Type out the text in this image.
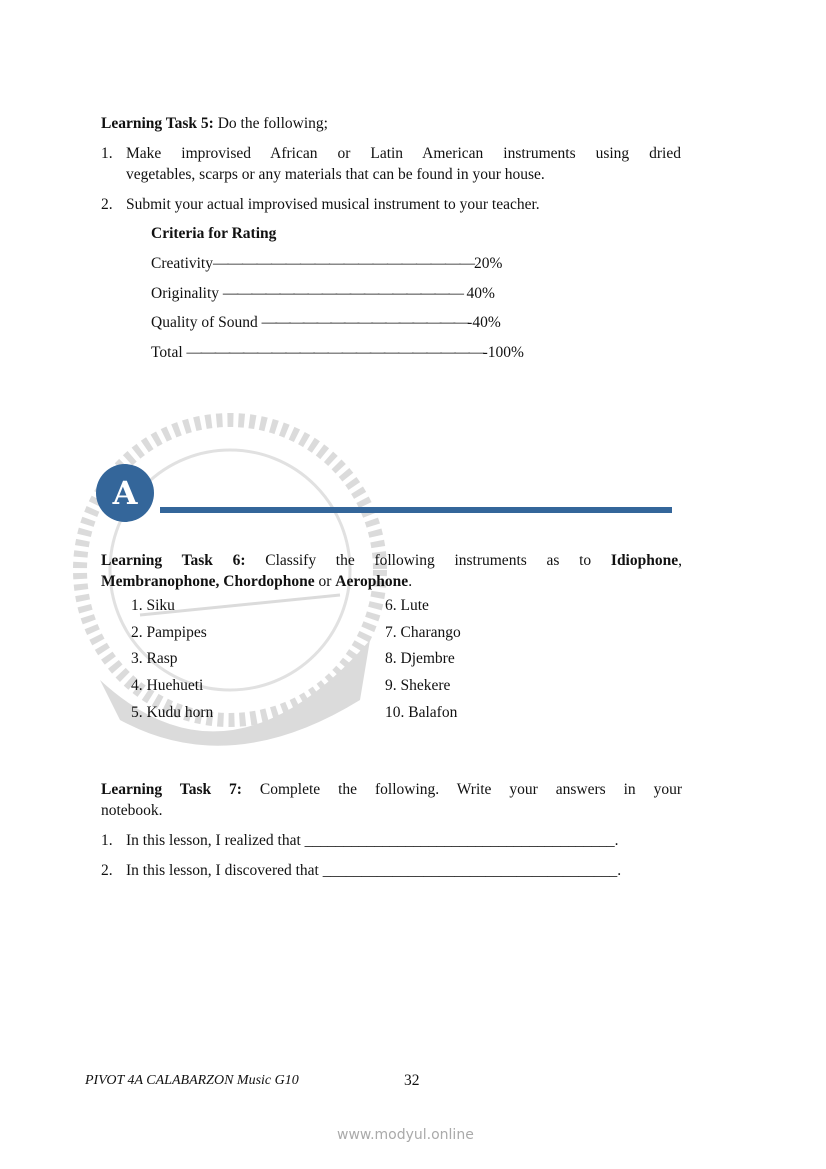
Learning Task 5: Do the following;
1. Make improvised African or Latin American instruments using dried
vegetables, scarps or any materials that can be found in your house.
2. Submit your actual improvised musical instrument to your teacher.
Criteria for Rating
Creativity——————————————————20%
Originality ————————————————— 40%
Quality of Sound ———————————————-40%
Total —————————————————————-100%
A
Learning Task 6: Classify the following instruments as to Idiophone,
Membranophone, Chordophone or Aerophone.
1. Siku
2. Pampipes
3. Rasp
4. Huehueti
5. Kudu horn
6. Lute
7. Charango
8. Djembre
9. Shekere
10. Balafon
Learning Task 7: Complete the following. Write your answers in your
notebook.
1. In this lesson, I realized that ________________________________________.
2. In this lesson, I discovered that ______________________________________.
PIVOT 4A CALABARZON Music G10	32
www.modyul.online
